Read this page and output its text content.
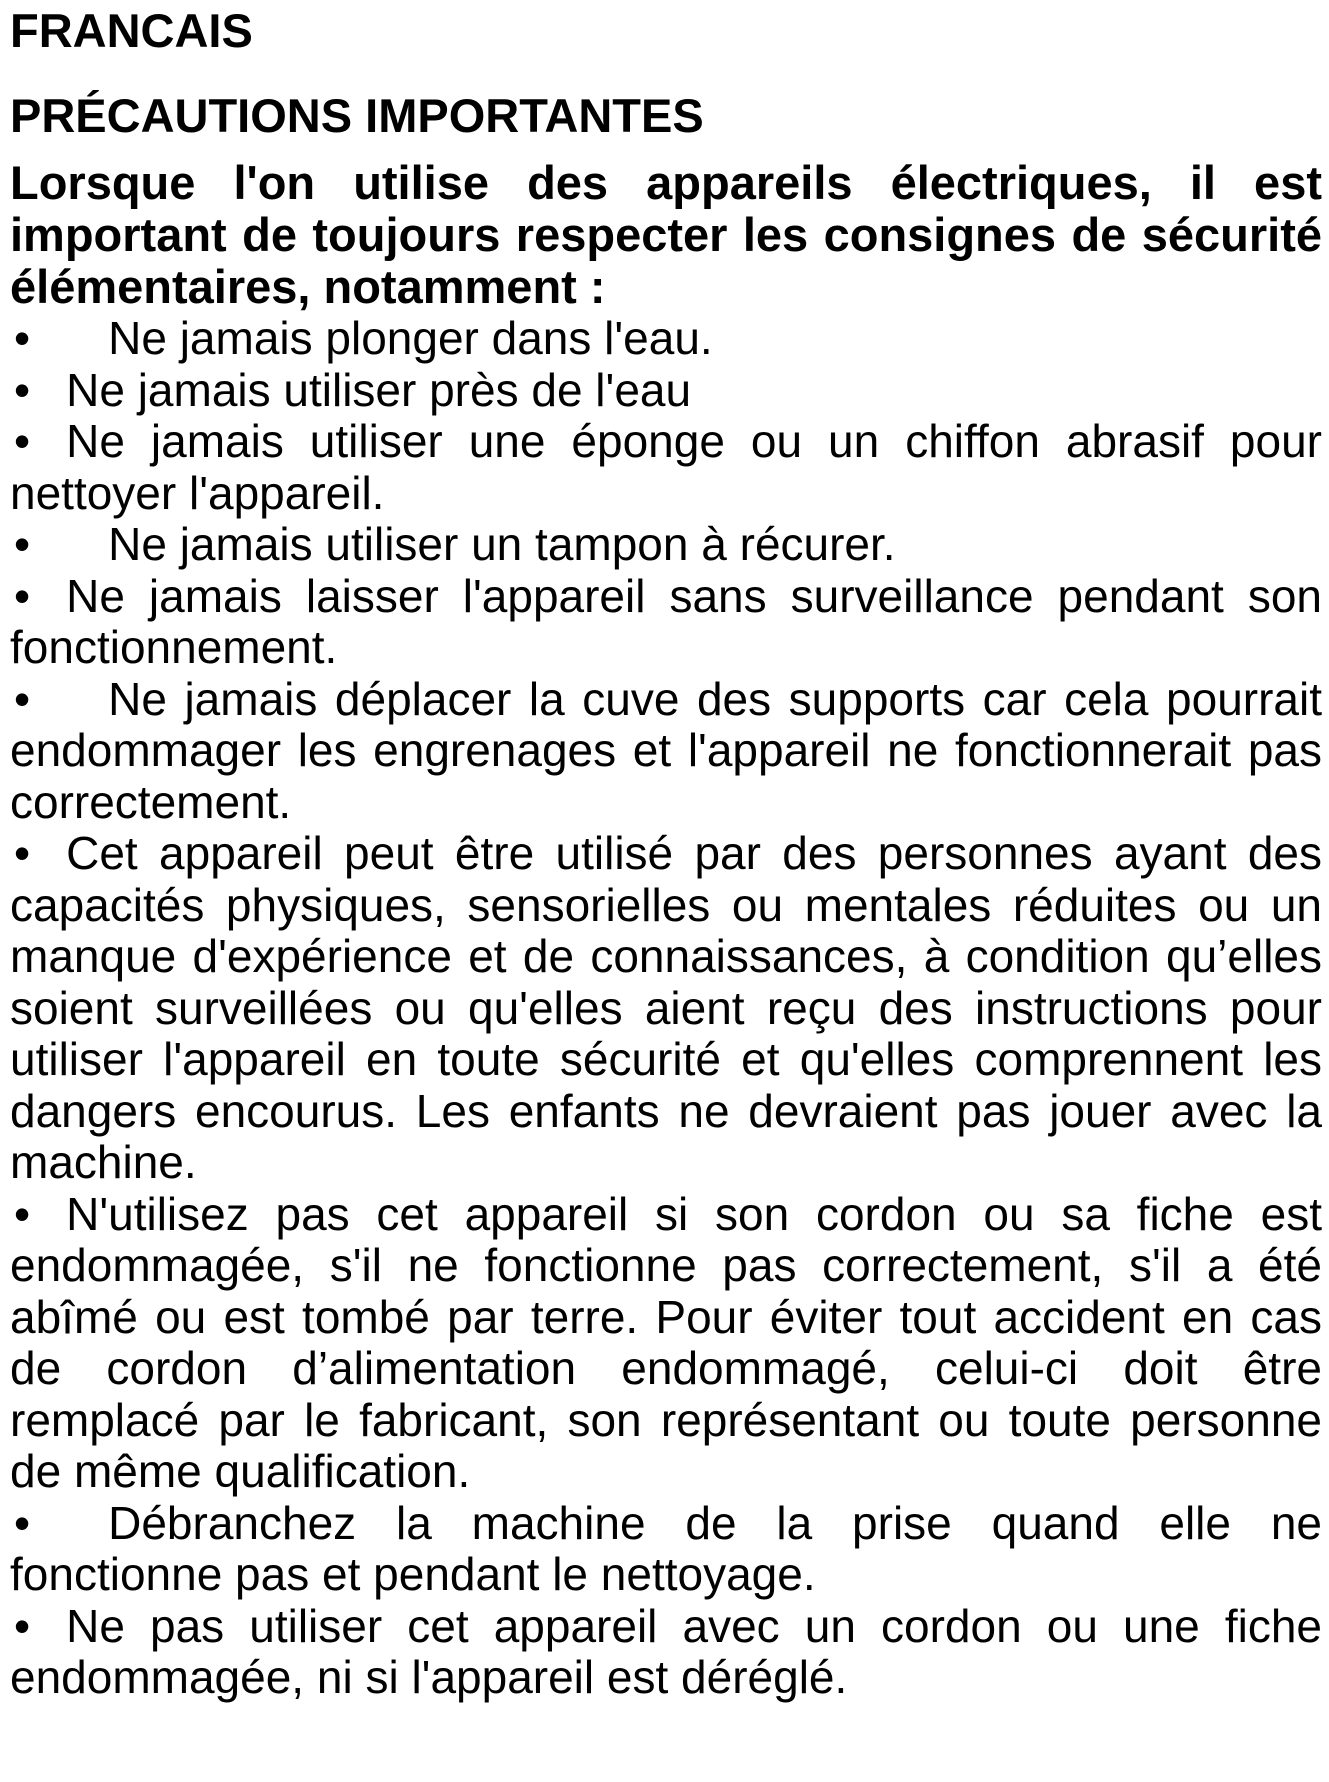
FRANCAIS
PRÉCAUTIONS IMPORTANTES
Lorsque l'on utilise des appareils électriques, il est important de toujours respecter les consignes de sécurité élémentaires, notamment :
• Ne jamais plonger dans l'eau.
• Ne jamais utiliser près de l'eau
• Ne jamais utiliser une éponge ou un chiffon abrasif pour nettoyer l'appareil.
• Ne jamais utiliser un tampon à récurer.
• Ne jamais laisser l'appareil sans surveillance pendant son fonctionnement.
• Ne jamais déplacer la cuve des supports car cela pourrait endommager les engrenages et l'appareil ne fonctionnerait pas correctement.
• Cet appareil peut être utilisé par des personnes ayant des capacités physiques, sensorielles ou mentales réduites ou un manque d'expérience et de connaissances, à condition qu’elles soient surveillées ou qu'elles aient reçu des instructions pour utiliser l'appareil en toute sécurité et qu'elles comprennent les dangers encourus. Les enfants ne devraient pas jouer avec la machine.
• N'utilisez pas cet appareil si son cordon ou sa fiche est endommagée, s'il ne fonctionne pas correctement, s'il a été abîmé ou est tombé par terre. Pour éviter tout accident en cas de cordon d’alimentation endommagé, celui-ci doit être remplacé par le fabricant, son représentant ou toute personne de même qualification.
• Débranchez la machine de la prise quand elle ne fonctionne pas et pendant le nettoyage.
• Ne pas utiliser cet appareil avec un cordon ou une fiche endommagée, ni si l'appareil est déréglé.
